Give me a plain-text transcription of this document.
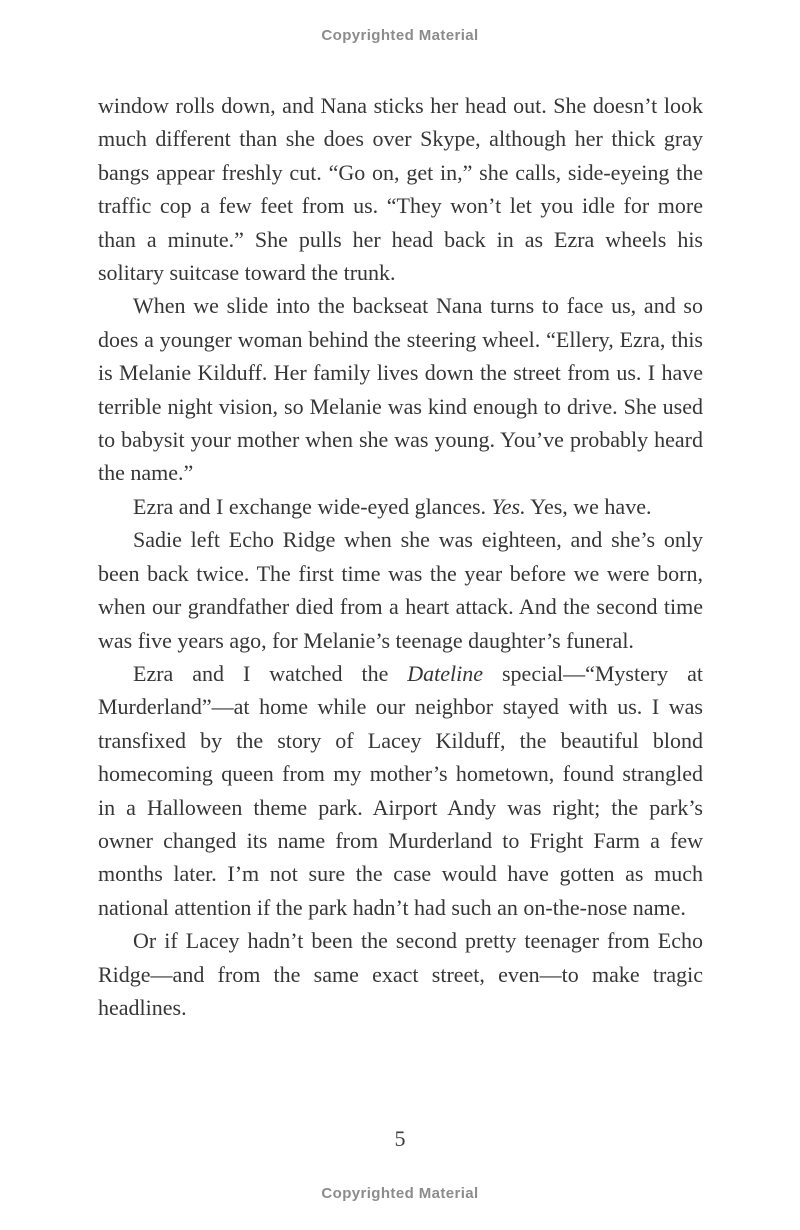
Copyrighted Material

window rolls down, and Nana sticks her head out. She doesn’t look much different than she does over Skype, although her thick gray bangs appear freshly cut. “Go on, get in,” she calls, side-eyeing the traffic cop a few feet from us. “They won’t let you idle for more than a minute.” She pulls her head back in as Ezra wheels his solitary suitcase toward the trunk.

When we slide into the backseat Nana turns to face us, and so does a younger woman behind the steering wheel. “Ellery, Ezra, this is Melanie Kilduff. Her family lives down the street from us. I have terrible night vision, so Melanie was kind enough to drive. She used to babysit your mother when she was young. You’ve probably heard the name.”

Ezra and I exchange wide-eyed glances. Yes. Yes, we have.

Sadie left Echo Ridge when she was eighteen, and she’s only been back twice. The first time was the year before we were born, when our grandfather died from a heart attack. And the second time was five years ago, for Melanie’s teenage daughter’s funeral.

Ezra and I watched the Dateline special—“Mystery at Murderland”—at home while our neighbor stayed with us. I was transfixed by the story of Lacey Kilduff, the beautiful blond homecoming queen from my mother’s hometown, found strangled in a Halloween theme park. Airport Andy was right; the park’s owner changed its name from Murderland to Fright Farm a few months later. I’m not sure the case would have gotten as much national attention if the park hadn’t had such an on-the-nose name.

Or if Lacey hadn’t been the second pretty teenager from Echo Ridge—and from the same exact street, even—to make tragic headlines.

5
Copyrighted Material
